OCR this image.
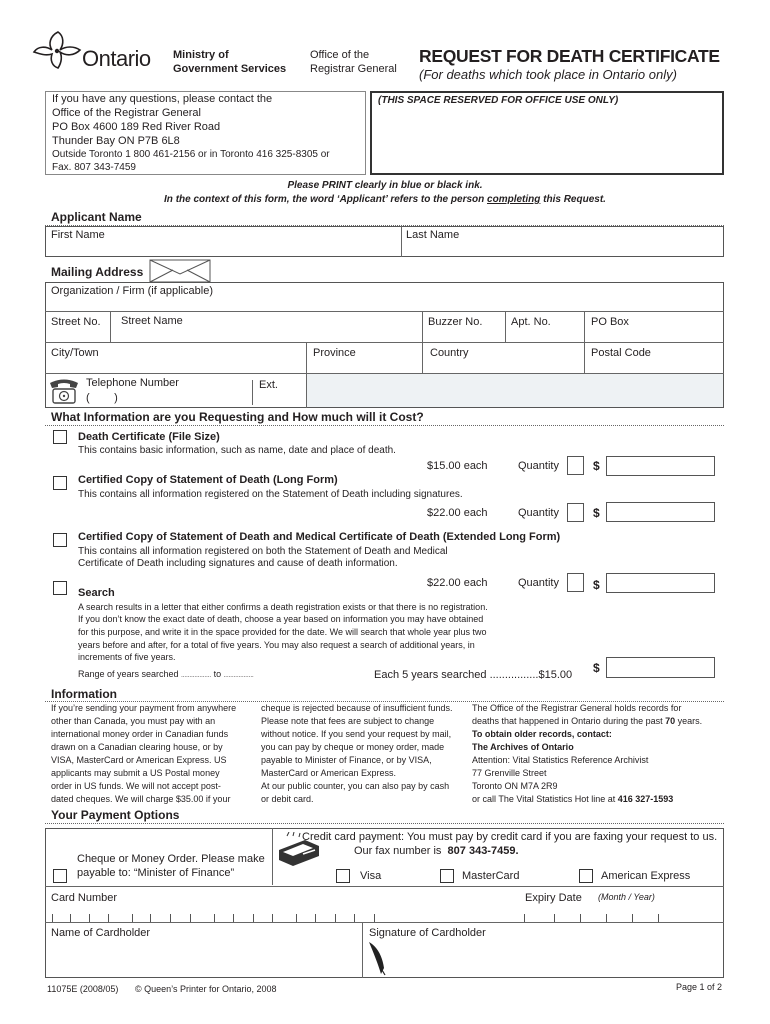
Ontario Ministry of
Government Services
Office of the
Registrar General
REQUEST FOR DEATH CERTIFICATE
(For deaths which took place in Ontario only)
If you have any questions, please contact the
Office of the Registrar General
PO Box 4600 189 Red River Road
Thunder Bay ON P7B 6L8
Outside Toronto 1 800 461-2156 or in Toronto 416 325-8305 or
Fax. 807 343-7459
(THIS SPACE RESERVED FOR OFFICE USE ONLY)
Please PRINT clearly in blue or black ink.
In the context of this form, the word ‘Applicant’ refers to the person completing this Request.
Applicant Name
First Name	Last Name
Mailing Address
Organization / Firm (if applicable)
Street No. Street Name	Buzzer No.	Apt. No.	PO Box
City/Town	Province	Country	Postal Code
Telephone Number
(        )
Ext.
What Information are you Requesting and How much will it Cost?
Death Certificate (File Size)
This contains basic information, such as name, date and place of death.
$15.00 each	Quantity	$
Certified Copy of Statement of Death (Long Form)
This contains all information registered on the Statement of Death including signatures.
$22.00 each	Quantity	$
Certified Copy of Statement of Death and Medical Certificate of Death (Extended Long Form)
This contains all information registered on both the Statement of Death and Medical
Certificate of Death including signatures and cause of death information.
$22.00 each	Quantity	$
Search
A search results in a letter that either confirms a death registration exists or that there is no registration.
If you don’t know the exact date of death, choose a year based on information you may have obtained
for this purpose, and write it in the space provided for the date. We will search that whole year plus two
years before and after, for a total of five years. You may also request a search of additional years, in
increments of five years.
Range of years searched .................. to ..................	Each 5 years searched ................$15.00 $
Information
If you’re sending your payment from anywhere
other than Canada, you must pay with an
international money order in Canadian funds
drawn on a Canadian clearing house, or by
VISA, MasterCard or American Express. US
applicants may submit a US Postal money
order in US funds. We will not accept post-
dated cheques. We will charge $35.00 if your
cheque is rejected because of insufficient funds.
Please note that fees are subject to change
without notice. If you send your request by mail,
you can pay by cheque or money order, made
payable to Minister of Finance, or by VISA,
MasterCard or American Express.
At our public counter, you can also pay by cash
or debit card.
The Office of the Registrar General holds records for
deaths that happened in Ontario during the past 70 years.
To obtain older records, contact:
The Archives of Ontario
Attention: Vital Statistics Reference Archivist
77 Grenville Street
Toronto ON M7A 2R9
or call The Vital Statistics Hot line at 416 327-1593
Your Payment Options
Credit card payment: You must pay by credit card if you are faxing your request to us.
Our fax number is  807 343-7459.
Cheque or Money Order. Please make
payable to: “Minister of Finance”	Visa	MasterCard	American Express
Card Number	Expiry Date (Month / Year)
Name of Cardholder	Signature of Cardholder
11075E (2008/05) © Queen’s Printer for Ontario, 2008	Page 1 of 2
